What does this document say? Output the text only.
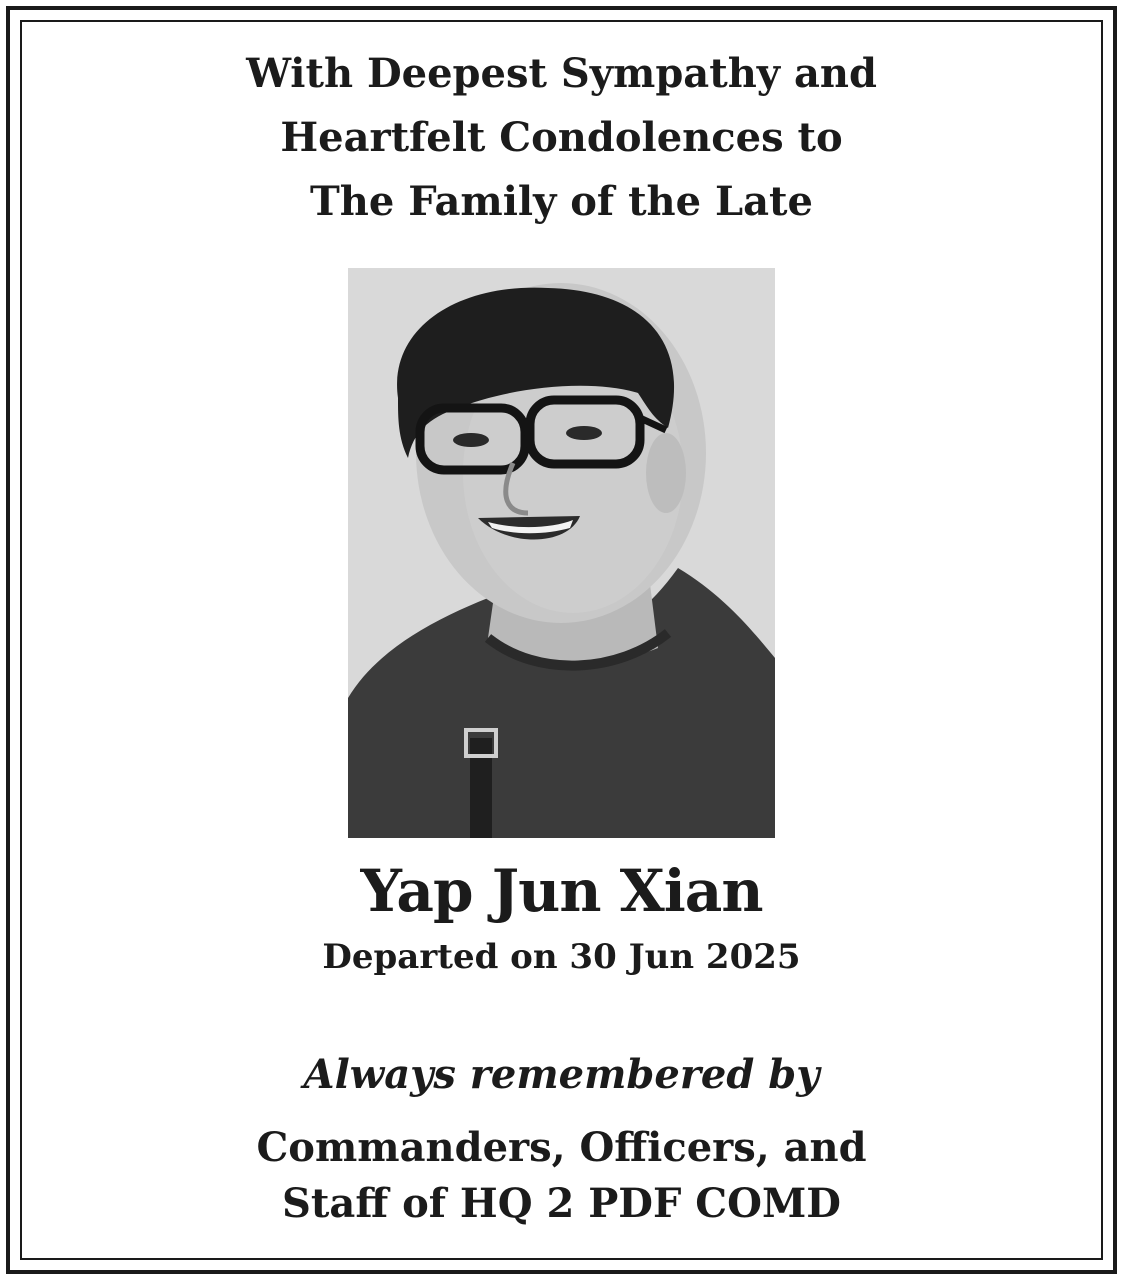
With Deepest Sympathy and
Heartfelt Condolences to
The Family of the Late
Yap Jun Xian
Departed on 30 Jun 2025
Always remembered by
Commanders, Officers, and
Staff of HQ 2 PDF COMD
